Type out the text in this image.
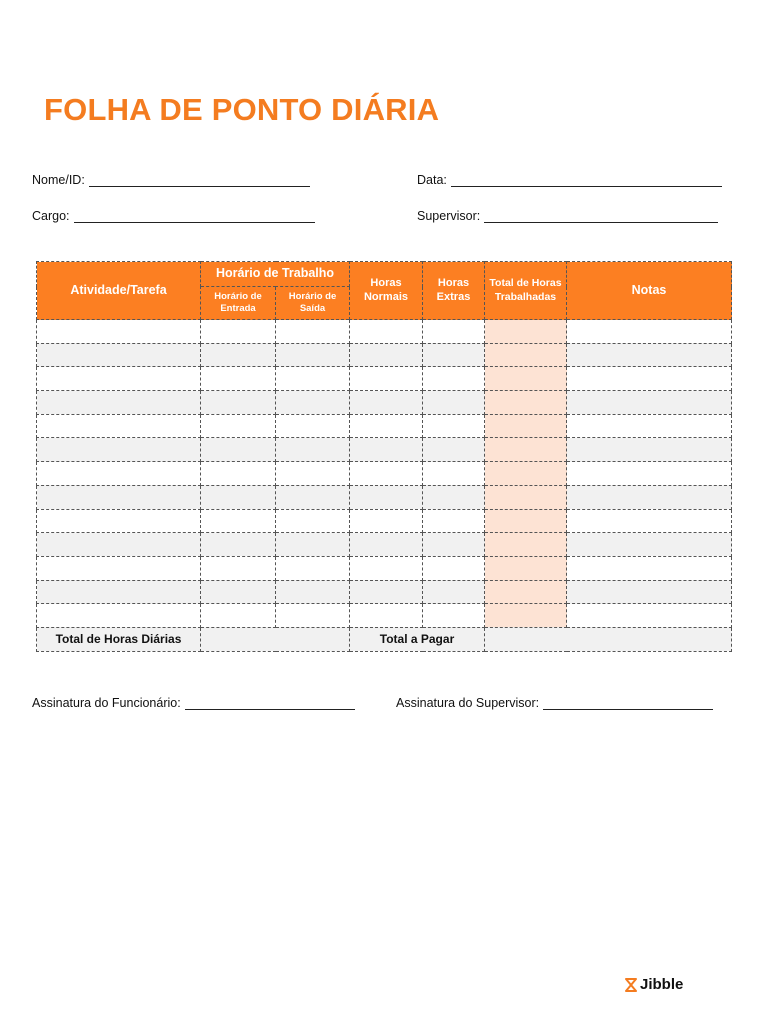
FOLHA DE PONTO DIÁRIA
Nome/ID:	Data:
Cargo:	Supervisor:
Atividade/Tarefa	Horário de Trabalho		Horas Normais	Horas Extras	Total de Horas Trabalhadas	Notas
	Horário de Entrada	Horário de Saída				

Total de Horas Diárias			Total a Pagar			
Assinatura do Funcionário:	Assinatura do Supervisor:
Jibble
